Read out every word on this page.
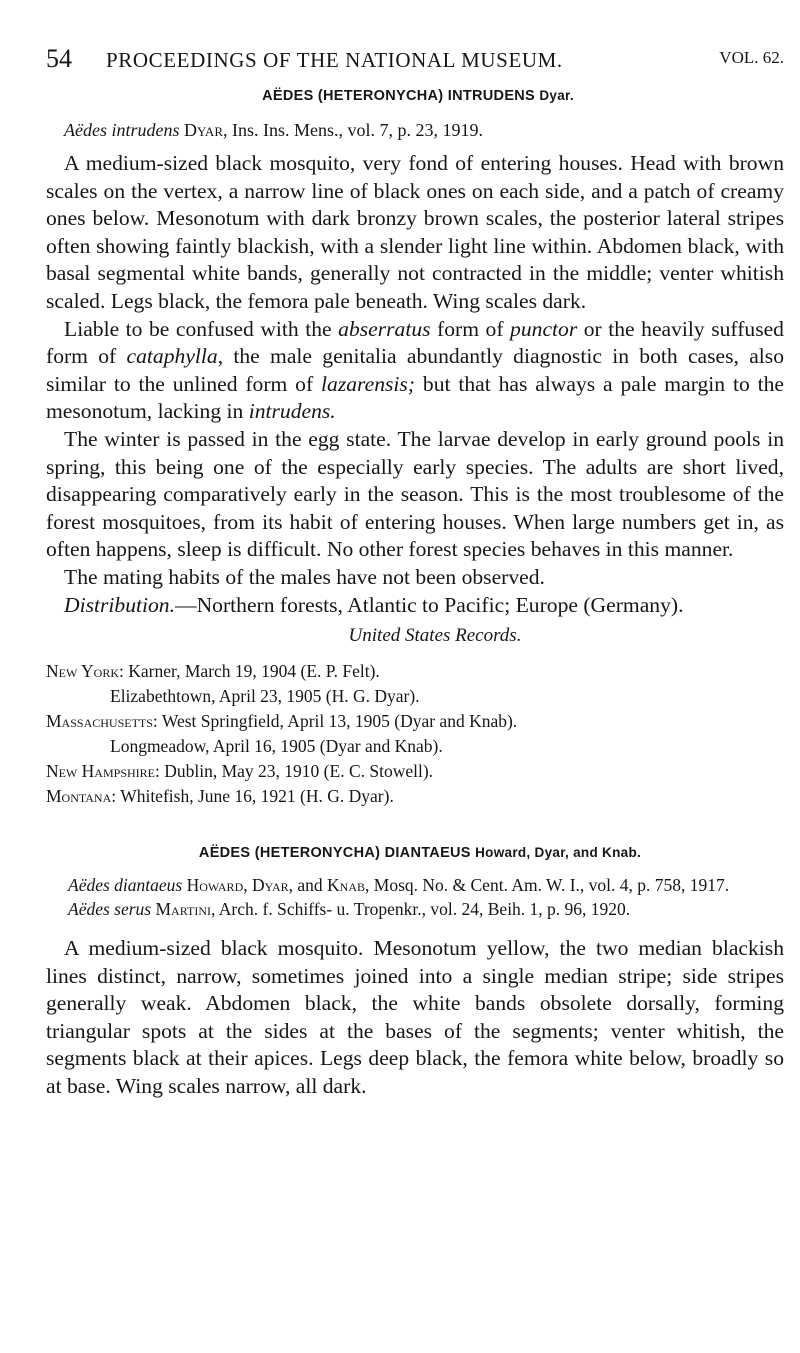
54 PROCEEDINGS OF THE NATIONAL MUSEUM.	VOL. 62.
AËDES (HETERONYCHA) INTRUDENS Dyar.

Aëdes intrudens Dyar, Ins. Ins. Mens., vol. 7, p. 23, 1919.

A medium-sized black mosquito, very fond of entering houses. Head with brown scales on the vertex, a narrow line of black ones on each side, and a patch of creamy ones below. Mesonotum with dark bronzy brown scales, the posterior lateral stripes often showing faintly blackish, with a slender light line within. Abdomen black, with basal segmental white bands, generally not contracted in the middle; venter whitish scaled. Legs black, the femora pale beneath. Wing scales dark.

Liable to be confused with the abserratus form of punctor or the heavily suffused form of cataphylla, the male genitalia abundantly diagnostic in both cases, also similar to the unlined form of lazarensis; but that has always a pale margin to the mesonotum, lacking in intrudens.

The winter is passed in the egg state. The larvae develop in early ground pools in spring, this being one of the especially early species. The adults are short lived, disappearing comparatively early in the season. This is the most troublesome of the forest mosquitoes, from its habit of entering houses. When large numbers get in, as often happens, sleep is difficult. No other forest species behaves in this manner.

The mating habits of the males have not been observed.

Distribution.—Northern forests, Atlantic to Pacific; Europe (Germany).

United States Records.
New York: Karner, March 19, 1904 (E. P. Felt).
Elizabethtown, April 23, 1905 (H. G. Dyar).
Massachusetts: West Springfield, April 13, 1905 (Dyar and Knab).
Longmeadow, April 16, 1905 (Dyar and Knab).
New Hampshire: Dublin, May 23, 1910 (E. C. Stowell).
Montana: Whitefish, June 16, 1921 (H. G. Dyar).
AËDES (HETERONYCHA) DIANTAEUS Howard, Dyar, and Knab.

Aëdes diantaeus Howard, Dyar, and Knab, Mosq. No. & Cent. Am. W. I., vol. 4, p. 758, 1917.

Aëdes serus Martini, Arch. f. Schiffs- u. Tropenkr., vol. 24, Beih. 1, p. 96, 1920.

A medium-sized black mosquito. Mesonotum yellow, the two median blackish lines distinct, narrow, sometimes joined into a single median stripe; side stripes generally weak. Abdomen black, the white bands obsolete dorsally, forming triangular spots at the sides at the bases of the segments; venter whitish, the segments black at their apices. Legs deep black, the femora white below, broadly so at base. Wing scales narrow, all dark.
